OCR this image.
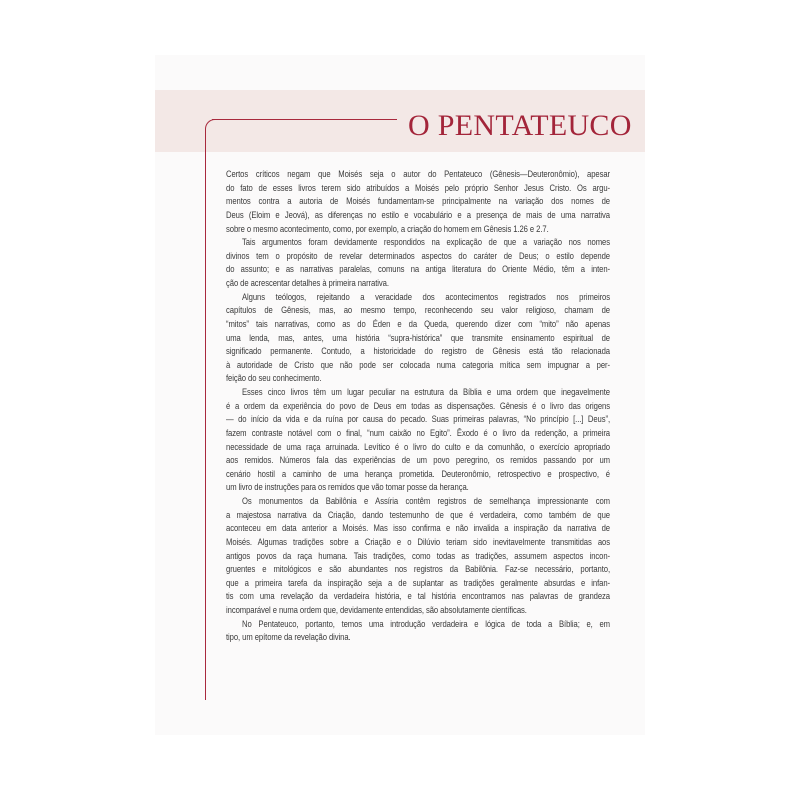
O PENTATEUCO
Certos críticos negam que Moisés seja o autor do Pentateuco (Gênesis—Deuteronômio), apesar
do fato de esses livros terem sido atribuídos a Moisés pelo próprio Senhor Jesus Cristo. Os argu-
mentos contra a autoria de Moisés fundamentam-se principalmente na variação dos nomes de
Deus (Eloim e Jeová), as diferenças no estilo e vocabulário e a presença de mais de uma narrativa
sobre o mesmo acontecimento, como, por exemplo, a criação do homem em Gênesis 1.26 e 2.7.
Tais argumentos foram devidamente respondidos na explicação de que a variação nos nomes
divinos tem o propósito de revelar determinados aspectos do caráter de Deus; o estilo depende
do assunto; e as narrativas paralelas, comuns na antiga literatura do Oriente Médio, têm a inten-
ção de acrescentar detalhes à primeira narrativa.
Alguns teólogos, rejeitando a veracidade dos acontecimentos registrados nos primeiros
capítulos de Gênesis, mas, ao mesmo tempo, reconhecendo seu valor religioso, chamam de
“mitos” tais narrativas, como as do Éden e da Queda, querendo dizer com “mito” não apenas
uma lenda, mas, antes, uma história “supra-histórica” que transmite ensinamento espiritual de
significado permanente. Contudo, a historicidade do registro de Gênesis está tão relacionada
à autoridade de Cristo que não pode ser colocada numa categoria mítica sem impugnar a per-
feição do seu conhecimento.
Esses cinco livros têm um lugar peculiar na estrutura da Bíblia e uma ordem que inegavelmente
é a ordem da experiência do povo de Deus em todas as dispensações. Gênesis é o livro das origens
— do início da vida e da ruína por causa do pecado. Suas primeiras palavras, “No princípio [...] Deus”,
fazem contraste notável com o final, “num caixão no Egito”. Êxodo é o livro da redenção, a primeira
necessidade de uma raça arruinada. Levítico é o livro do culto e da comunhão, o exercício apropriado
aos remidos. Números fala das experiências de um povo peregrino, os remidos passando por um
cenário hostil a caminho de uma herança prometida. Deuteronômio, retrospectivo e prospectivo, é
um livro de instruções para os remidos que vão tomar posse da herança.
Os monumentos da Babilônia e Assíria contêm registros de semelhança impressionante com
a majestosa narrativa da Criação, dando testemunho de que é verdadeira, como também de que
aconteceu em data anterior a Moisés. Mas isso confirma e não invalida a inspiração da narrativa de
Moisés. Algumas tradições sobre a Criação e o Dilúvio teriam sido inevitavelmente transmitidas aos
antigos povos da raça humana. Tais tradições, como todas as tradições, assumem aspectos incon-
gruentes e mitológicos e são abundantes nos registros da Babilônia. Faz-se necessário, portanto,
que a primeira tarefa da inspiração seja a de suplantar as tradições geralmente absurdas e infan-
tis com uma revelação da verdadeira história, e tal história encontramos nas palavras de grandeza
incomparável e numa ordem que, devidamente entendidas, são absolutamente científicas.
No Pentateuco, portanto, temos uma introdução verdadeira e lógica de toda a Bíblia; e, em
tipo, um epítome da revelação divina.
